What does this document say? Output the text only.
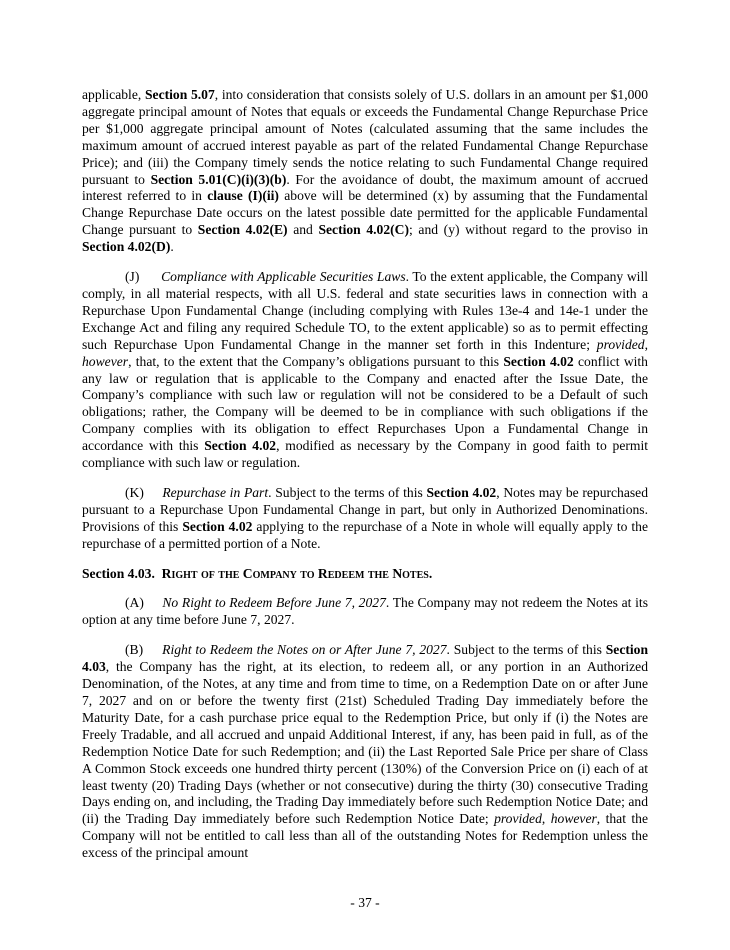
applicable, Section 5.07, into consideration that consists solely of U.S. dollars in an amount per $1,000 aggregate principal amount of Notes that equals or exceeds the Fundamental Change Repurchase Price per $1,000 aggregate principal amount of Notes (calculated assuming that the same includes the maximum amount of accrued interest payable as part of the related Fundamental Change Repurchase Price); and (iii) the Company timely sends the notice relating to such Fundamental Change required pursuant to Section 5.01(C)(i)(3)(b). For the avoidance of doubt, the maximum amount of accrued interest referred to in clause (I)(ii) above will be determined (x) by assuming that the Fundamental Change Repurchase Date occurs on the latest possible date permitted for the applicable Fundamental Change pursuant to Section 4.02(E) and Section 4.02(C); and (y) without regard to the proviso in Section 4.02(D).

(J) Compliance with Applicable Securities Laws. To the extent applicable, the Company will comply, in all material respects, with all U.S. federal and state securities laws in connection with a Repurchase Upon Fundamental Change (including complying with Rules 13e-4 and 14e-1 under the Exchange Act and filing any required Schedule TO, to the extent applicable) so as to permit effecting such Repurchase Upon Fundamental Change in the manner set forth in this Indenture; provided, however, that, to the extent that the Company’s obligations pursuant to this Section 4.02 conflict with any law or regulation that is applicable to the Company and enacted after the Issue Date, the Company’s compliance with such law or regulation will not be considered to be a Default of such obligations; rather, the Company will be deemed to be in compliance with such obligations if the Company complies with its obligation to effect Repurchases Upon a Fundamental Change in accordance with this Section 4.02, modified as necessary by the Company in good faith to permit compliance with such law or regulation.

(K) Repurchase in Part. Subject to the terms of this Section 4.02, Notes may be repurchased pursuant to a Repurchase Upon Fundamental Change in part, but only in Authorized Denominations. Provisions of this Section 4.02 applying to the repurchase of a Note in whole will equally apply to the repurchase of a permitted portion of a Note.

Section 4.03. Right of the Company to Redeem the Notes.

(A) No Right to Redeem Before June 7, 2027. The Company may not redeem the Notes at its option at any time before June 7, 2027.

(B) Right to Redeem the Notes on or After June 7, 2027. Subject to the terms of this Section 4.03, the Company has the right, at its election, to redeem all, or any portion in an Authorized Denomination, of the Notes, at any time and from time to time, on a Redemption Date on or after June 7, 2027 and on or before the twenty first (21st) Scheduled Trading Day immediately before the Maturity Date, for a cash purchase price equal to the Redemption Price, but only if (i) the Notes are Freely Tradable, and all accrued and unpaid Additional Interest, if any, has been paid in full, as of the Redemption Notice Date for such Redemption; and (ii) the Last Reported Sale Price per share of Class A Common Stock exceeds one hundred thirty percent (130%) of the Conversion Price on (i) each of at least twenty (20) Trading Days (whether or not consecutive) during the thirty (30) consecutive Trading Days ending on, and including, the Trading Day immediately before such Redemption Notice Date; and (ii) the Trading Day immediately before such Redemption Notice Date; provided, however, that the Company will not be entitled to call less than all of the outstanding Notes for Redemption unless the excess of the principal amount

- 37 -
